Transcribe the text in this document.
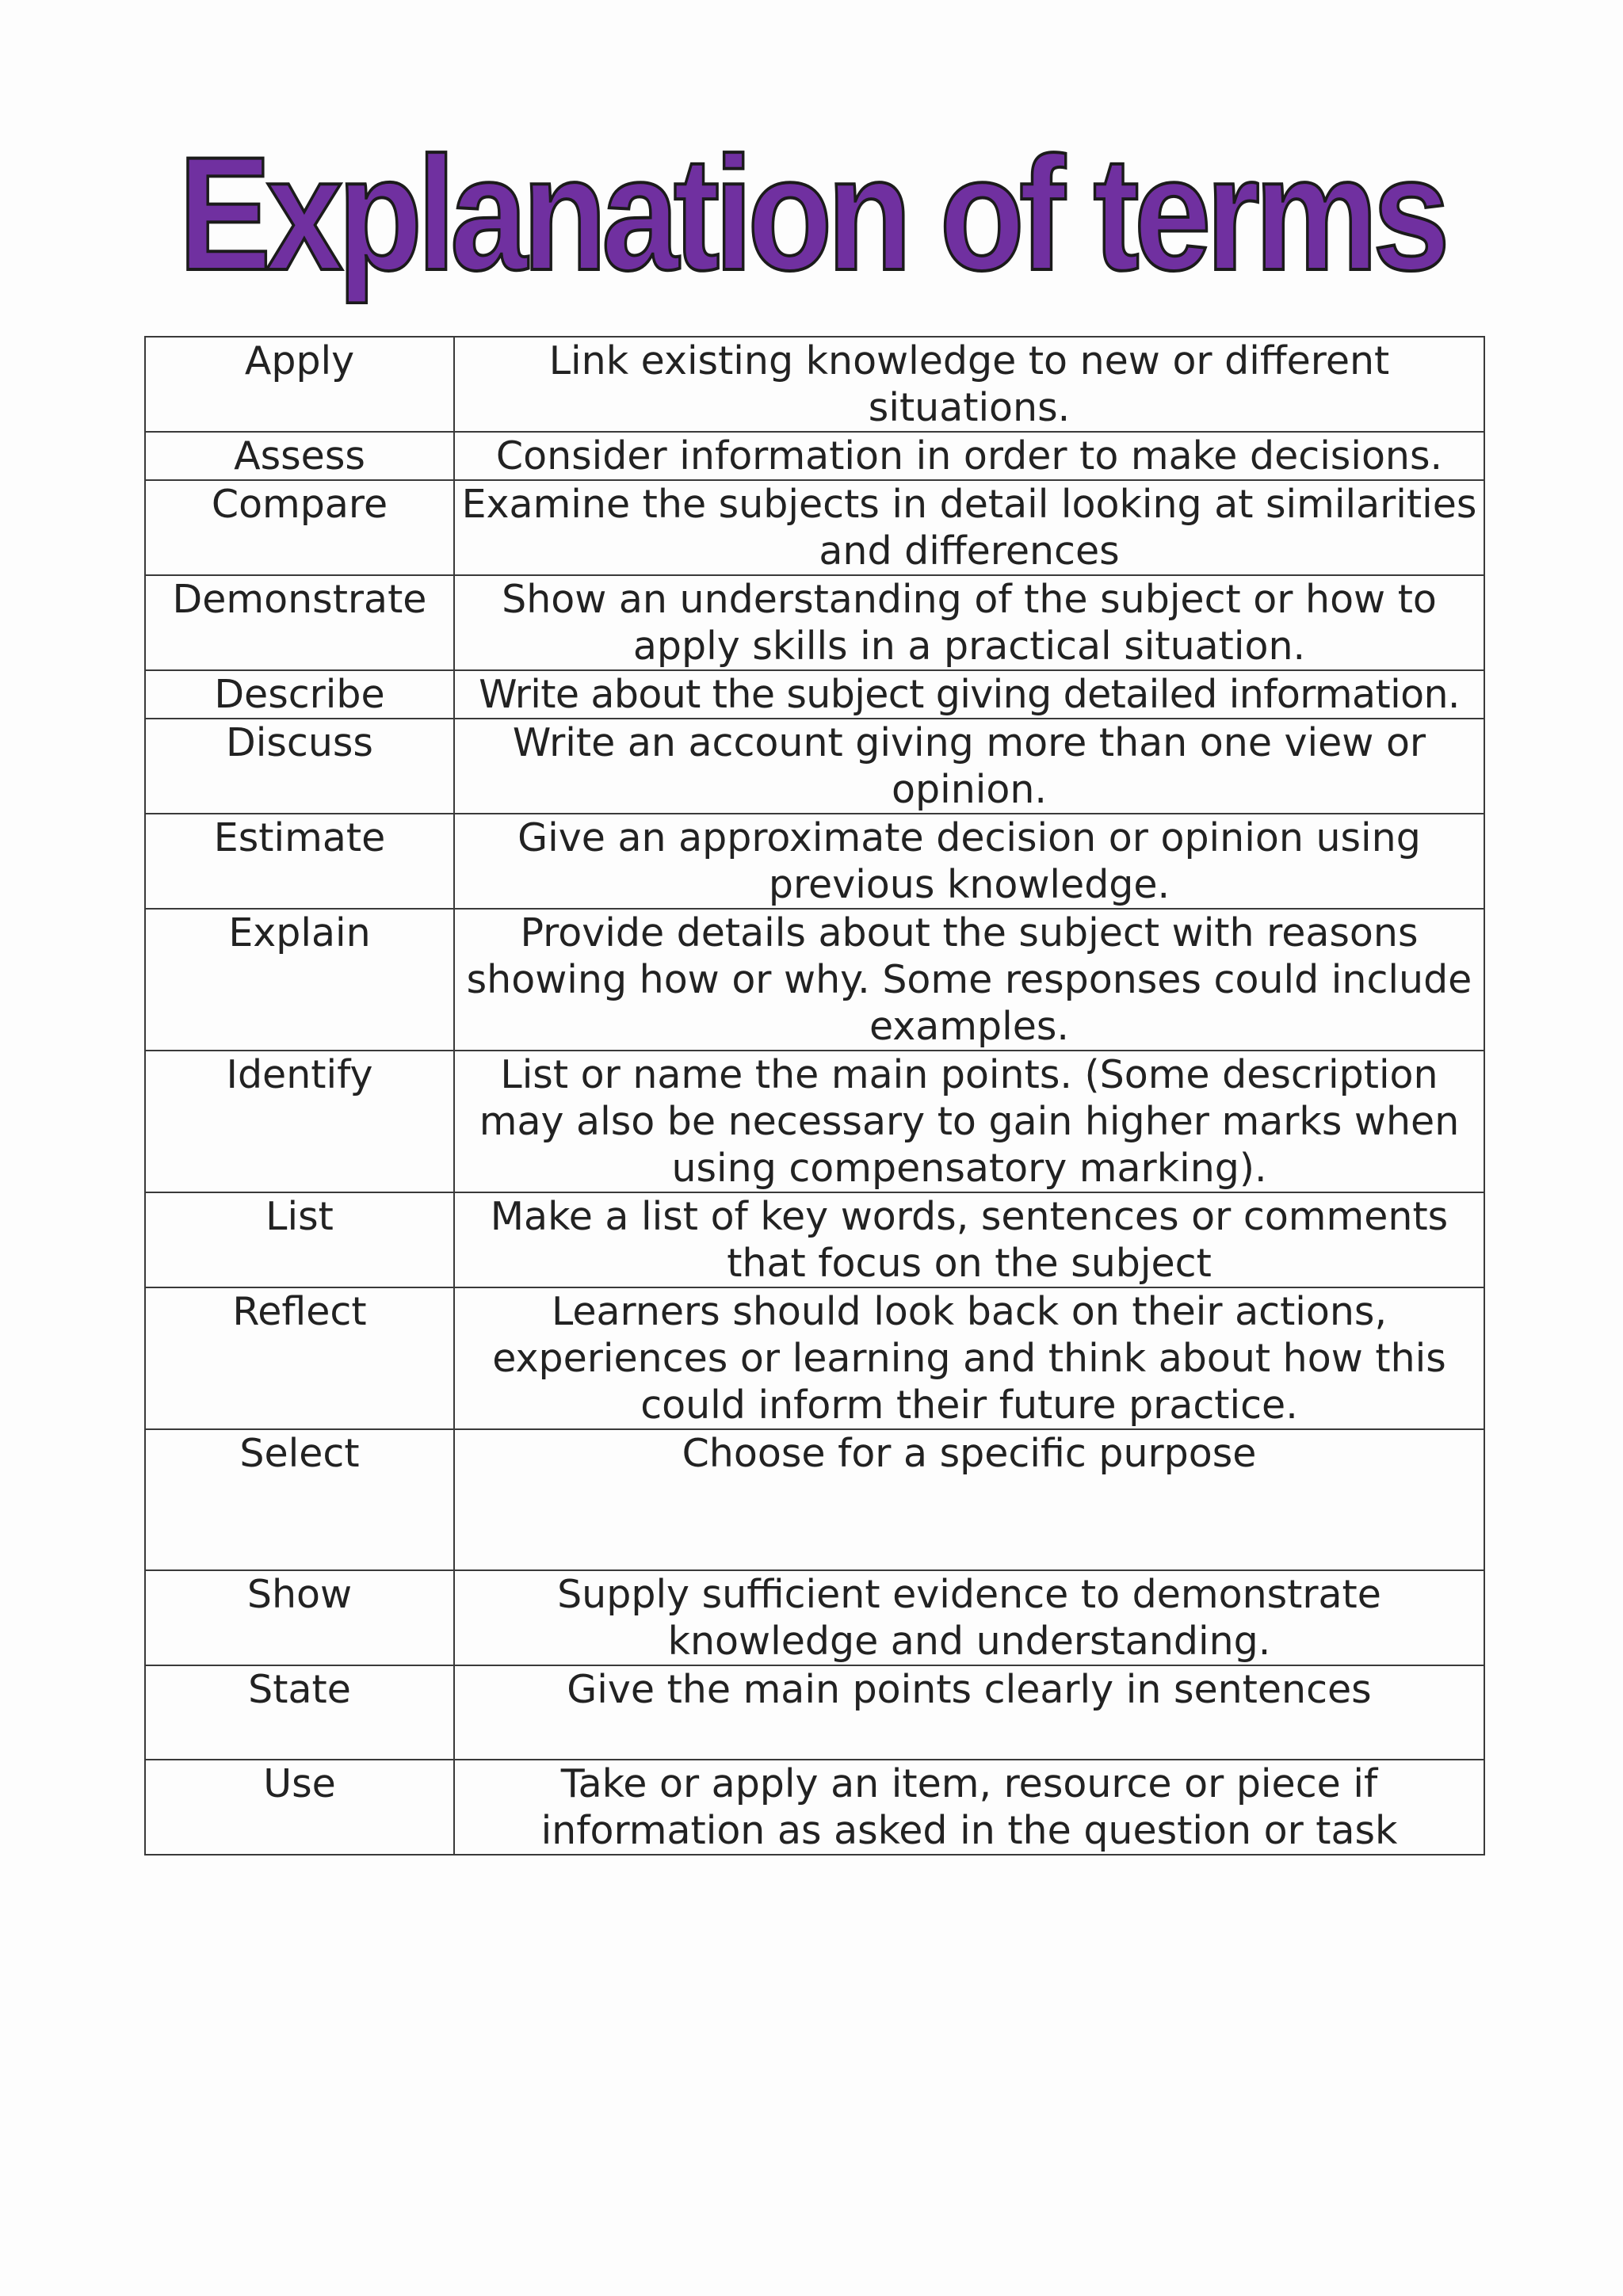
Explanation of terms
Apply	Link existing knowledge to new or different situations.
Assess	Consider information in order to make decisions.
Compare	Examine the subjects in detail looking at similarities and differences
Demonstrate	Show an understanding of the subject or how to apply skills in a practical situation.
Describe	Write about the subject giving detailed information.
Discuss	Write an account giving more than one view or opinion.
Estimate	Give an approximate decision or opinion using previous knowledge.
Explain	Provide details about the subject with reasons showing how or why. Some responses could include examples.
Identify	List or name the main points. (Some description may also be necessary to gain higher marks when using compensatory marking).
List	Make a list of key words, sentences or comments that focus on the subject
Reflect	Learners should look back on their actions, experiences or learning and think about how this could inform their future practice.
Select	Choose for a specific purpose
Show	Supply sufficient evidence to demonstrate knowledge and understanding.
State	Give the main points clearly in sentences
Use	Take or apply an item, resource or piece if information as asked in the question or task
